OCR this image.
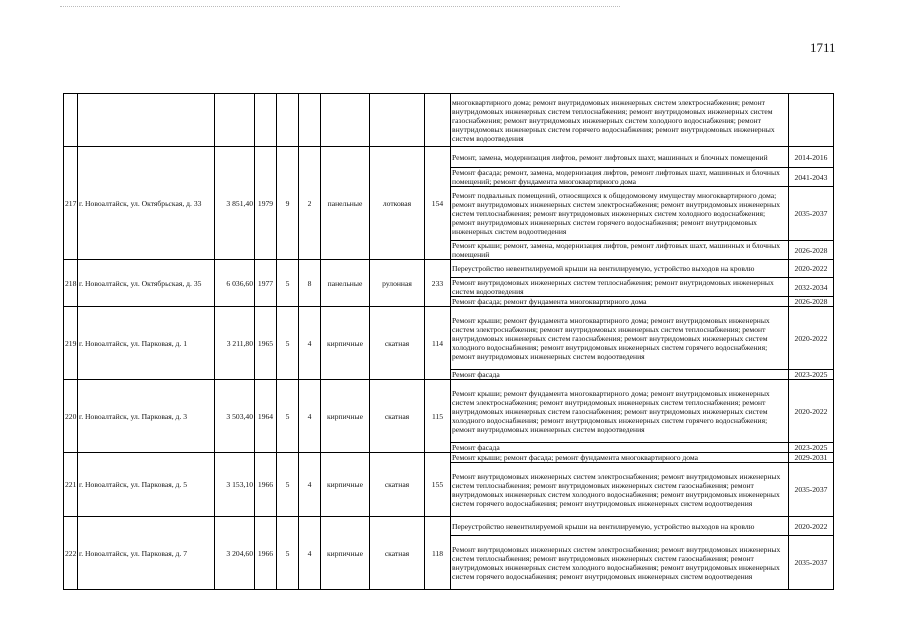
1711
									многоквартирного дома; ремонт внутридомовых инженерных систем электроснабжения; ремонт внутридомовых инженерных систем теплоснабжения; ремонт внутридомовых инженерных систем газоснабжения; ремонт внутридомовых инженерных систем холодного водоснабжения; ремонт внутридомовых инженерных систем горячего водоснабжения; ремонт внутридомовых инженерных систем водоотведения	
217	г. Новоалтайск, ул. Октябрьская, д. 33	3 851,40	1979	9	2	панельные	лотковая	154	Ремонт, замена, модернизация лифтов, ремонт лифтовых шахт, машинных и блочных помещений	2014-2016
									Ремонт фасада; ремонт, замена, модернизация лифтов, ремонт лифтовых шахт, машинных и блочных помещений; ремонт фундамента многоквартирного дома	2041-2043
									Ремонт подвальных помещений, относящихся к общедомовому имуществу многоквартирного дома; ремонт внутридомовых инженерных систем электроснабжения; ремонт внутридомовых инженерных систем теплоснабжения; ремонт внутридомовых инженерных систем холодного водоснабжения; ремонт внутридомовых инженерных систем горячего водоснабжения; ремонт внутридомовых инженерных систем водоотведения	2035-2037
									Ремонт крыши; ремонт, замена, модернизация лифтов, ремонт лифтовых шахт, машинных и блочных помещений	2026-2028
218	г. Новоалтайск, ул. Октябрьская, д. 35	6 036,60	1977	5	8	панельные	рулонная	233	Переустройство невентилируемой крыши на вентилируемую, устройство выходов на кровлю	2020-2022
									Ремонт внутридомовых инженерных систем теплоснабжения; ремонт внутридомовых инженерных систем водоотведения	2032-2034
									Ремонт фасада; ремонт фундамента многоквартирного дома	2026-2028
219	г. Новоалтайск, ул. Парковая, д. 1	3 211,80	1965	5	4	кирпичные	скатная	114	Ремонт крыши; ремонт фундамента многоквартирного дома; ремонт внутридомовых инженерных систем электроснабжения; ремонт внутридомовых инженерных систем теплоснабжения; ремонт внутридомовых инженерных систем газоснабжения; ремонт внутридомовых инженерных систем холодного водоснабжения; ремонт внутридомовых инженерных систем горячего водоснабжения; ремонт внутридомовых инженерных систем водоотведения	2020-2022
									Ремонт фасада	2023-2025
220	г. Новоалтайск, ул. Парковая, д. 3	3 503,40	1964	5	4	кирпичные	скатная	115	Ремонт крыши; ремонт фундамента многоквартирного дома; ремонт внутридомовых инженерных систем электроснабжения; ремонт внутридомовых инженерных систем теплоснабжения; ремонт внутридомовых инженерных систем газоснабжения; ремонт внутридомовых инженерных систем холодного водоснабжения; ремонт внутридомовых инженерных систем горячего водоснабжения; ремонт внутридомовых инженерных систем водоотведения	2020-2022
									Ремонт фасада	2023-2025
221	г. Новоалтайск, ул. Парковая, д. 5	3 153,10	1966	5	4	кирпичные	скатная	155	Ремонт крыши; ремонт фасада; ремонт фундамента многоквартирного дома	2029-2031
									Ремонт внутридомовых инженерных систем электроснабжения; ремонт внутридомовых инженерных систем теплоснабжения; ремонт внутридомовых инженерных систем газоснабжения; ремонт внутридомовых инженерных систем холодного водоснабжения; ремонт внутридомовых инженерных систем горячего водоснабжения; ремонт внутридомовых инженерных систем водоотведения	2035-2037
222	г. Новоалтайск, ул. Парковая, д. 7	3 204,60	1966	5	4	кирпичные	скатная	118	Переустройство невентилируемой крыши на вентилируемую, устройство выходов на кровлю	2020-2022
									Ремонт внутридомовых инженерных систем электроснабжения; ремонт внутридомовых инженерных систем теплоснабжения; ремонт внутридомовых инженерных систем газоснабжения; ремонт внутридомовых инженерных систем холодного водоснабжения; ремонт внутридомовых инженерных систем горячего водоснабжения; ремонт внутридомовых инженерных систем водоотведения	2035-2037
